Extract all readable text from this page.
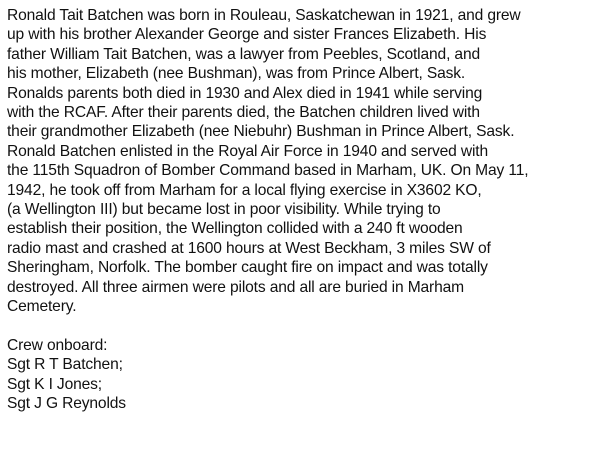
Ronald Tait Batchen was born in Rouleau, Saskatchewan in 1921, and grew
up with his brother Alexander George and sister Frances Elizabeth. His
father William Tait Batchen, was a lawyer from Peebles, Scotland, and
his mother, Elizabeth (nee Bushman), was from Prince Albert, Sask.
Ronalds parents both died in 1930 and Alex died in 1941 while serving
with the RCAF. After their parents died, the Batchen children lived with
their grandmother Elizabeth (nee Niebuhr) Bushman in Prince Albert, Sask.
Ronald Batchen enlisted in the Royal Air Force in 1940 and served with
the 115th Squadron of Bomber Command based in Marham, UK. On May 11,
1942, he took off from Marham for a local flying exercise in X3602 KO,
(a Wellington III) but became lost in poor visibility. While trying to
establish their position, the Wellington collided with a 240 ft wooden
radio mast and crashed at 1600 hours at West Beckham, 3 miles SW of
Sheringham, Norfolk. The bomber caught fire on impact and was totally
destroyed. All three airmen were pilots and all are buried in Marham
Cemetery.
Crew onboard:
Sgt R T Batchen;
Sgt K I Jones;
Sgt J G Reynolds
